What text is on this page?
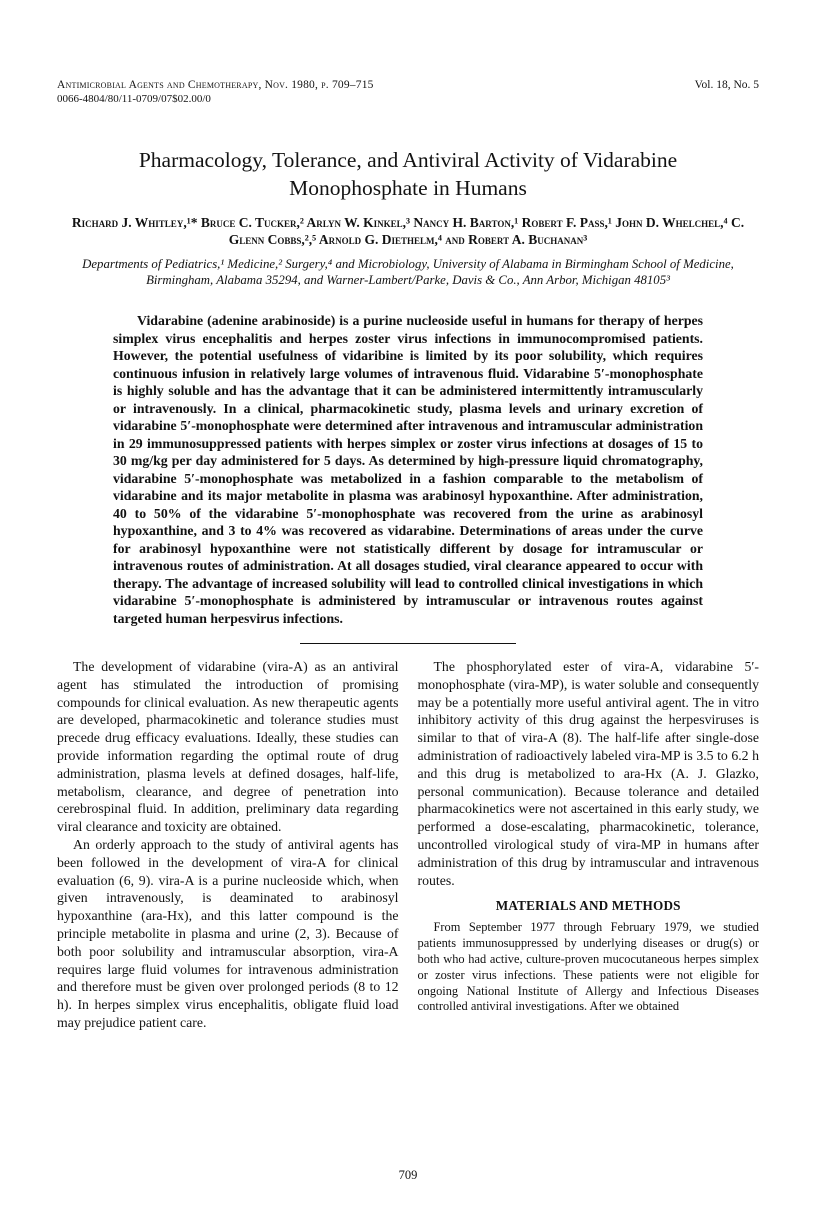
Antimicrobial Agents and Chemotherapy, Nov. 1980, p. 709–715
0066-4804/80/11-0709/07$02.00/0
Vol. 18, No. 5
Pharmacology, Tolerance, and Antiviral Activity of Vidarabine Monophosphate in Humans
Richard J. Whitley,¹* Bruce C. Tucker,² Arlyn W. Kinkel,³ Nancy H. Barton,¹ Robert F. Pass,¹ John D. Whelchel,⁴ C. Glenn Cobbs,²,⁵ Arnold G. Diethelm,⁴ and Robert A. Buchanan³
Departments of Pediatrics,¹ Medicine,² Surgery,⁴ and Microbiology, University of Alabama in Birmingham School of Medicine, Birmingham, Alabama 35294, and Warner-Lambert/Parke, Davis & Co., Ann Arbor, Michigan 48105³

Vidarabine (adenine arabinoside) is a purine nucleoside useful in humans for therapy of herpes simplex virus encephalitis and herpes zoster virus infections in immunocompromised patients. However, the potential usefulness of vidaribine is limited by its poor solubility, which requires continuous infusion in relatively large volumes of intravenous fluid. Vidarabine 5′-monophosphate is highly soluble and has the advantage that it can be administered intermittently intramuscularly or intravenously. In a clinical, pharmacokinetic study, plasma levels and urinary excretion of vidarabine 5′-monophosphate were determined after intravenous and intramuscular administration in 29 immunosuppressed patients with herpes simplex or zoster virus infections at dosages of 15 to 30 mg/kg per day administered for 5 days. As determined by high-pressure liquid chromatography, vidarabine 5′-monophosphate was metabolized in a fashion comparable to the metabolism of vidarabine and its major metabolite in plasma was arabinosyl hypoxanthine. After administration, 40 to 50% of the vidarabine 5′-monophosphate was recovered from the urine as arabinosyl hypoxanthine, and 3 to 4% was recovered as vidarabine. Determinations of areas under the curve for arabinosyl hypoxanthine were not statistically different by dosage for intramuscular or intravenous routes of administration. At all dosages studied, viral clearance appeared to occur with therapy. The advantage of increased solubility will lead to controlled clinical investigations in which vidarabine 5′-monophosphate is administered by intramuscular or intravenous routes against targeted human herpesvirus infections.

The development of vidarabine (vira-A) as an antiviral agent has stimulated the introduction of promising compounds for clinical evaluation. As new therapeutic agents are developed, pharmacokinetic and tolerance studies must precede drug efficacy evaluations. Ideally, these studies can provide information regarding the optimal route of drug administration, plasma levels at defined dosages, half-life, metabolism, clearance, and degree of penetration into cerebrospinal fluid. In addition, preliminary data regarding viral clearance and toxicity are obtained.

An orderly approach to the study of antiviral agents has been followed in the development of vira-A for clinical evaluation (6, 9). vira-A is a purine nucleoside which, when given intravenously, is deaminated to arabinosyl hypoxanthine (ara-Hx), and this latter compound is the principle metabolite in plasma and urine (2, 3). Because of both poor solubility and intramuscular absorption, vira-A requires large fluid volumes for intravenous administration and therefore must be given over prolonged periods (8 to 12 h). In herpes simplex virus encephalitis, obligate fluid load may prejudice patient care.

The phosphorylated ester of vira-A, vidarabine 5′-monophosphate (vira-MP), is water soluble and consequently may be a potentially more useful antiviral agent. The in vitro inhibitory activity of this drug against the herpesviruses is similar to that of vira-A (8). The half-life after single-dose administration of radioactively labeled vira-MP is 3.5 to 6.2 h and this drug is metabolized to ara-Hx (A. J. Glazko, personal communication). Because tolerance and detailed pharmacokinetics were not ascertained in this early study, we performed a dose-escalating, pharmacokinetic, tolerance, uncontrolled virological study of vira-MP in humans after administration of this drug by intramuscular and intravenous routes.

MATERIALS AND METHODS

From September 1977 through February 1979, we studied patients immunosuppressed by underlying diseases or drug(s) or both who had active, culture-proven mucocutaneous herpes simplex or zoster virus infections. These patients were not eligible for ongoing National Institute of Allergy and Infectious Diseases controlled antiviral investigations. After we obtained

709
